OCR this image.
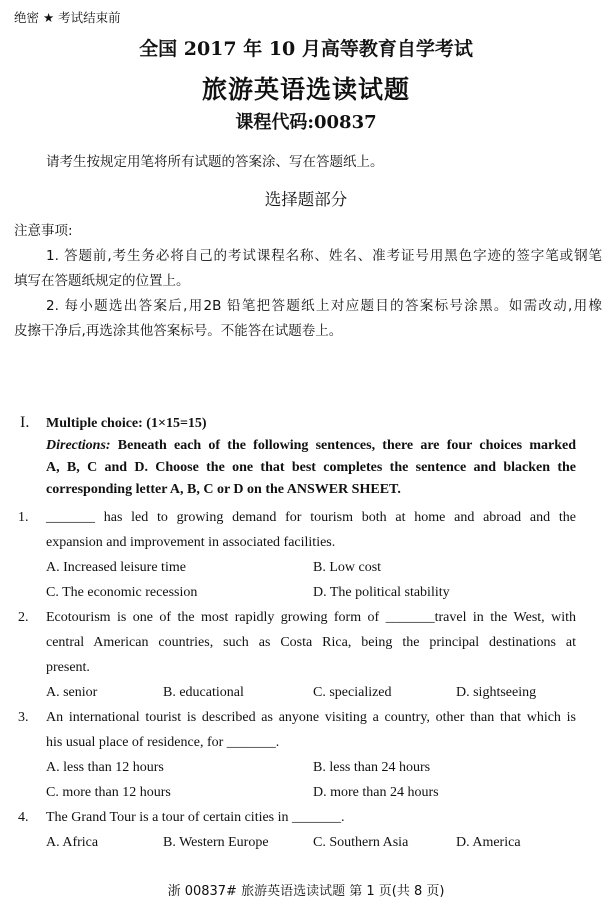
绝密 ★ 考试结束前
全国 2017 年 10 月高等教育自学考试
旅游英语选读试题
课程代码:00837
请考生按规定用笔将所有试题的答案涂、写在答题纸上。
选择题部分
注意事项:
1. 答题前,考生务必将自己的考试课程名称、姓名、准考证号用黑色字迹的签字笔或钢笔
填写在答题纸规定的位置上。
2. 每小题选出答案后,用2B 铅笔把答题纸上对应题目的答案标号涂黑。如需改动,用橡
皮擦干净后,再选涂其他答案标号。不能答在试题卷上。
I. Multiple choice: (1×15=15)
Directions: Beneath each of the following sentences, there are four choices marked
A, B, C and D. Choose the one that best completes the sentence and blacken the
corresponding letter A, B, C or D on the ANSWER SHEET.
1. _______ has led to growing demand for tourism both at home and abroad and the
expansion and improvement in associated facilities.
A. Increased leisure time	B. Low cost
C. The economic recession	D. The political stability
2. Ecotourism is one of the most rapidly growing form of _______travel in the West, with
central American countries, such as Costa Rica, being the principal destinations at
present.
A. senior	B. educational	C. specialized	D. sightseeing
3. An international tourist is described as anyone visiting a country, other than that which is
his usual place of residence, for _______.
A. less than 12 hours	B. less than 24 hours
C. more than 12 hours	D. more than 24 hours
4. The Grand Tour is a tour of certain cities in _______.
A. Africa	B. Western Europe	C. Southern Asia	D. America
浙 00837# 旅游英语选读试题 第 1 页(共 8 页)
